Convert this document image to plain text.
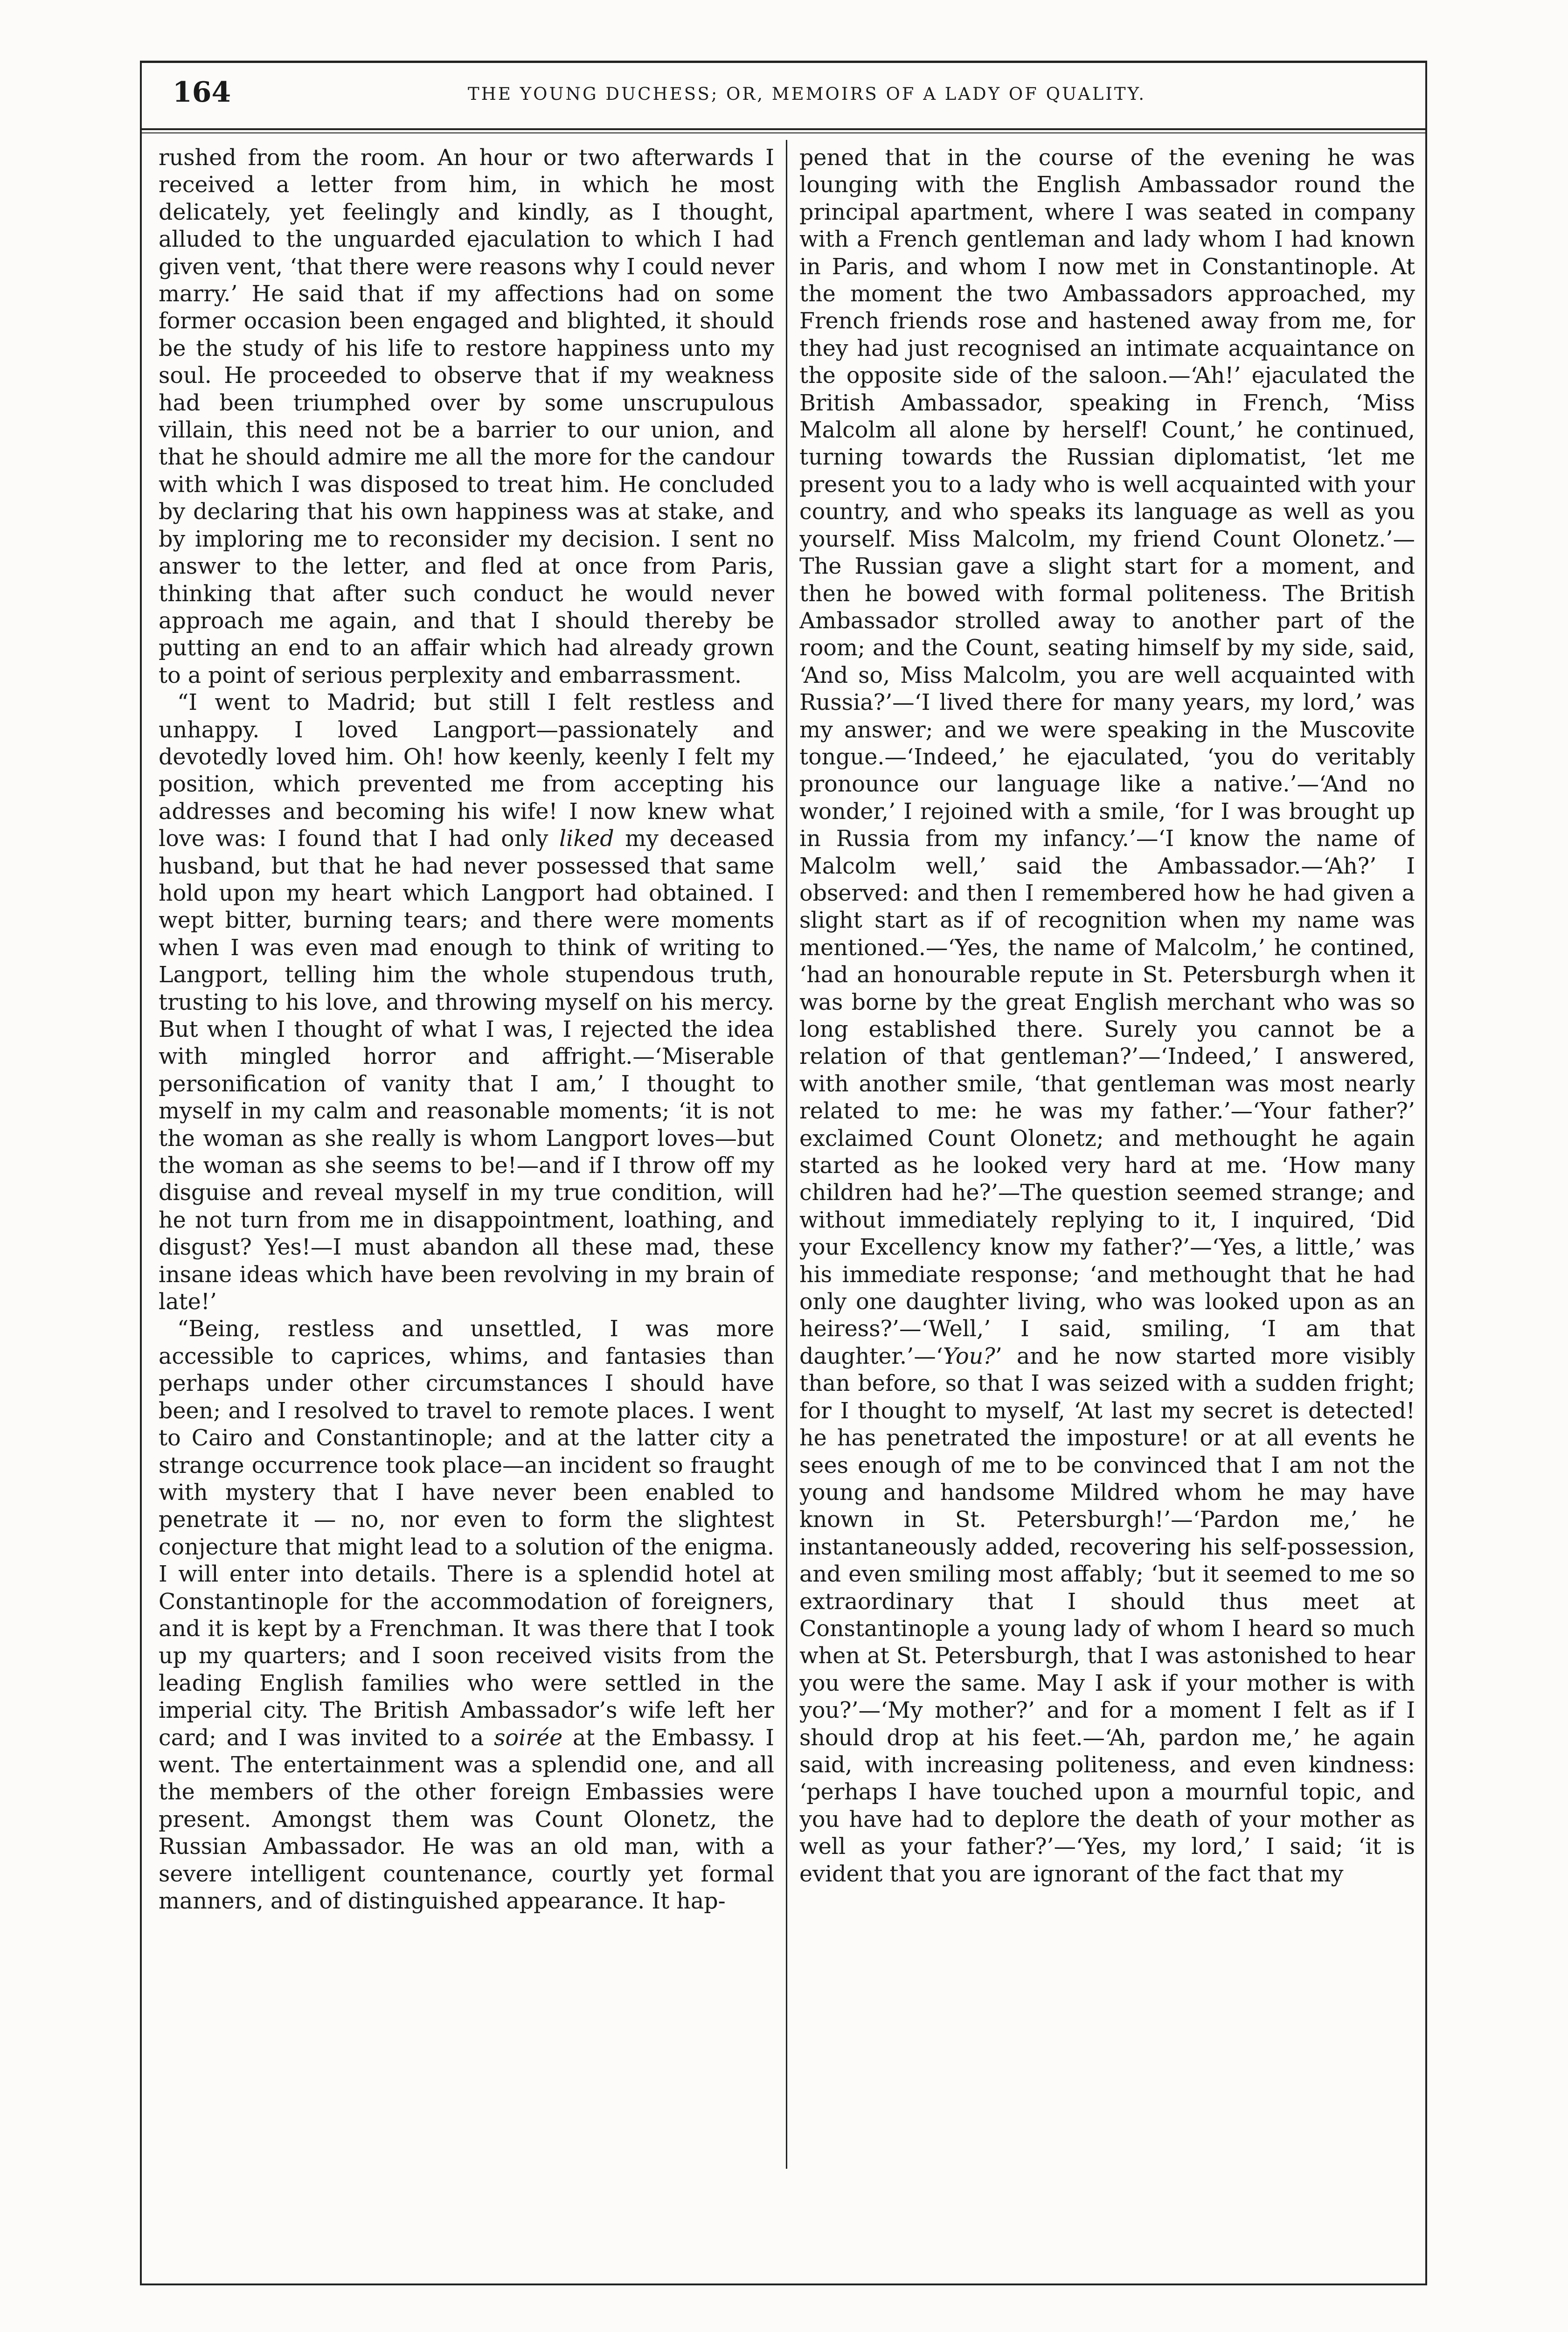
164	THE YOUNG DUCHESS; OR, MEMOIRS OF A LADY OF QUALITY.

rushed from the room. An hour or two afterwards I received a letter from him, in which he most delicately, yet feelingly and kindly, as I thought, alluded to the unguarded ejaculation to which I had given vent, ‘that there were reasons why I could never marry.’ He said that if my affections had on some former occasion been engaged and blighted, it should be the study of his life to restore happiness unto my soul. He proceeded to observe that if my weakness had been triumphed over by some unscrupulous villain, this need not be a barrier to our union, and that he should admire me all the more for the candour with which I was disposed to treat him. He concluded by declaring that his own happiness was at stake, and by imploring me to reconsider my decision. I sent no answer to the letter, and fled at once from Paris, thinking that after such conduct he would never approach me again, and that I should thereby be putting an end to an affair which had already grown to a point of serious perplexity and embarrassment.

“I went to Madrid; but still I felt restless and unhappy. I loved Langport—passionately and devotedly loved him. Oh! how keenly, keenly I felt my position, which prevented me from accepting his addresses and becoming his wife! I now knew what love was: I found that I had only liked my deceased husband, but that he had never possessed that same hold upon my heart which Langport had obtained. I wept bitter, burning tears; and there were moments when I was even mad enough to think of writing to Langport, telling him the whole stupendous truth, trusting to his love, and throwing myself on his mercy. But when I thought of what I was, I rejected the idea with mingled horror and affright.—‘Miserable personification of vanity that I am,’ I thought to myself in my calm and reasonable moments; ‘it is not the woman as she really is whom Langport loves—but the woman as she seems to be!—and if I throw off my disguise and reveal myself in my true condition, will he not turn from me in disappointment, loathing, and disgust? Yes!—I must abandon all these mad, these insane ideas which have been revolving in my brain of late!’

“Being, restless and unsettled, I was more accessible to caprices, whims, and fantasies than perhaps under other circumstances I should have been; and I resolved to travel to remote places. I went to Cairo and Constantinople; and at the latter city a strange occurrence took place—an incident so fraught with mystery that I have never been enabled to penetrate it — no, nor even to form the slightest conjecture that might lead to a solution of the enigma. I will enter into details. There is a splendid hotel at Constantinople for the accommodation of foreigners, and it is kept by a Frenchman. It was there that I took up my quarters; and I soon received visits from the leading English families who were settled in the imperial city. The British Ambassador’s wife left her card; and I was invited to a soirée at the Embassy. I went. The entertainment was a splendid one, and all the members of the other foreign Embassies were present. Amongst them was Count Olonetz, the Russian Ambassador. He was an old man, with a severe intelligent countenance, courtly yet formal manners, and of distinguished appearance. It hap-

pened that in the course of the evening he was lounging with the English Ambassador round the principal apartment, where I was seated in company with a French gentleman and lady whom I had known in Paris, and whom I now met in Constantinople. At the moment the two Ambassadors approached, my French friends rose and hastened away from me, for they had just recognised an intimate acquaintance on the opposite side of the saloon.—‘Ah!’ ejaculated the British Ambassador, speaking in French, ‘Miss Malcolm all alone by herself! Count,’ he continued, turning towards the Russian diplomatist, ‘let me present you to a lady who is well acquainted with your country, and who speaks its language as well as you yourself. Miss Malcolm, my friend Count Olonetz.’—The Russian gave a slight start for a moment, and then he bowed with formal politeness. The British Ambassador strolled away to another part of the room; and the Count, seating himself by my side, said, ‘And so, Miss Malcolm, you are well acquainted with Russia?’—‘I lived there for many years, my lord,’ was my answer; and we were speaking in the Muscovite tongue.—‘Indeed,’ he ejaculated, ‘you do veritably pronounce our language like a native.’—‘And no wonder,’ I rejoined with a smile, ‘for I was brought up in Russia from my infancy.’—‘I know the name of Malcolm well,’ said the Ambassador.—‘Ah?’ I observed: and then I remembered how he had given a slight start as if of recognition when my name was mentioned.—‘Yes, the name of Malcolm,’ he contined, ‘had an honourable repute in St. Petersburgh when it was borne by the great English merchant who was so long established there. Surely you cannot be a relation of that gentleman?’—‘Indeed,’ I answered, with another smile, ‘that gentleman was most nearly related to me: he was my father.’—‘Your father?’ exclaimed Count Olonetz; and methought he again started as he looked very hard at me. ‘How many children had he?’—The question seemed strange; and without immediately replying to it, I inquired, ‘Did your Excellency know my father?’—‘Yes, a little,’ was his immediate response; ‘and methought that he had only one daughter living, who was looked upon as an heiress?’—‘Well,’ I said, smiling, ‘I am that daughter.’—‘You?’ and he now started more visibly than before, so that I was seized with a sudden fright; for I thought to myself, ‘At last my secret is detected! he has penetrated the imposture! or at all events he sees enough of me to be convinced that I am not the young and handsome Mildred whom he may have known in St. Petersburgh!’—‘Pardon me,’ he instantaneously added, recovering his self-possession, and even smiling most affably; ‘but it seemed to me so extraordinary that I should thus meet at Constantinople a young lady of whom I heard so much when at St. Petersburgh, that I was astonished to hear you were the same. May I ask if your mother is with you?’—‘My mother?’ and for a moment I felt as if I should drop at his feet.—‘Ah, pardon me,’ he again said, with increasing politeness, and even kindness: ‘perhaps I have touched upon a mournful topic, and you have had to deplore the death of your mother as well as your father?’—‘Yes, my lord,’ I said; ‘it is evident that you are ignorant of the fact that my
